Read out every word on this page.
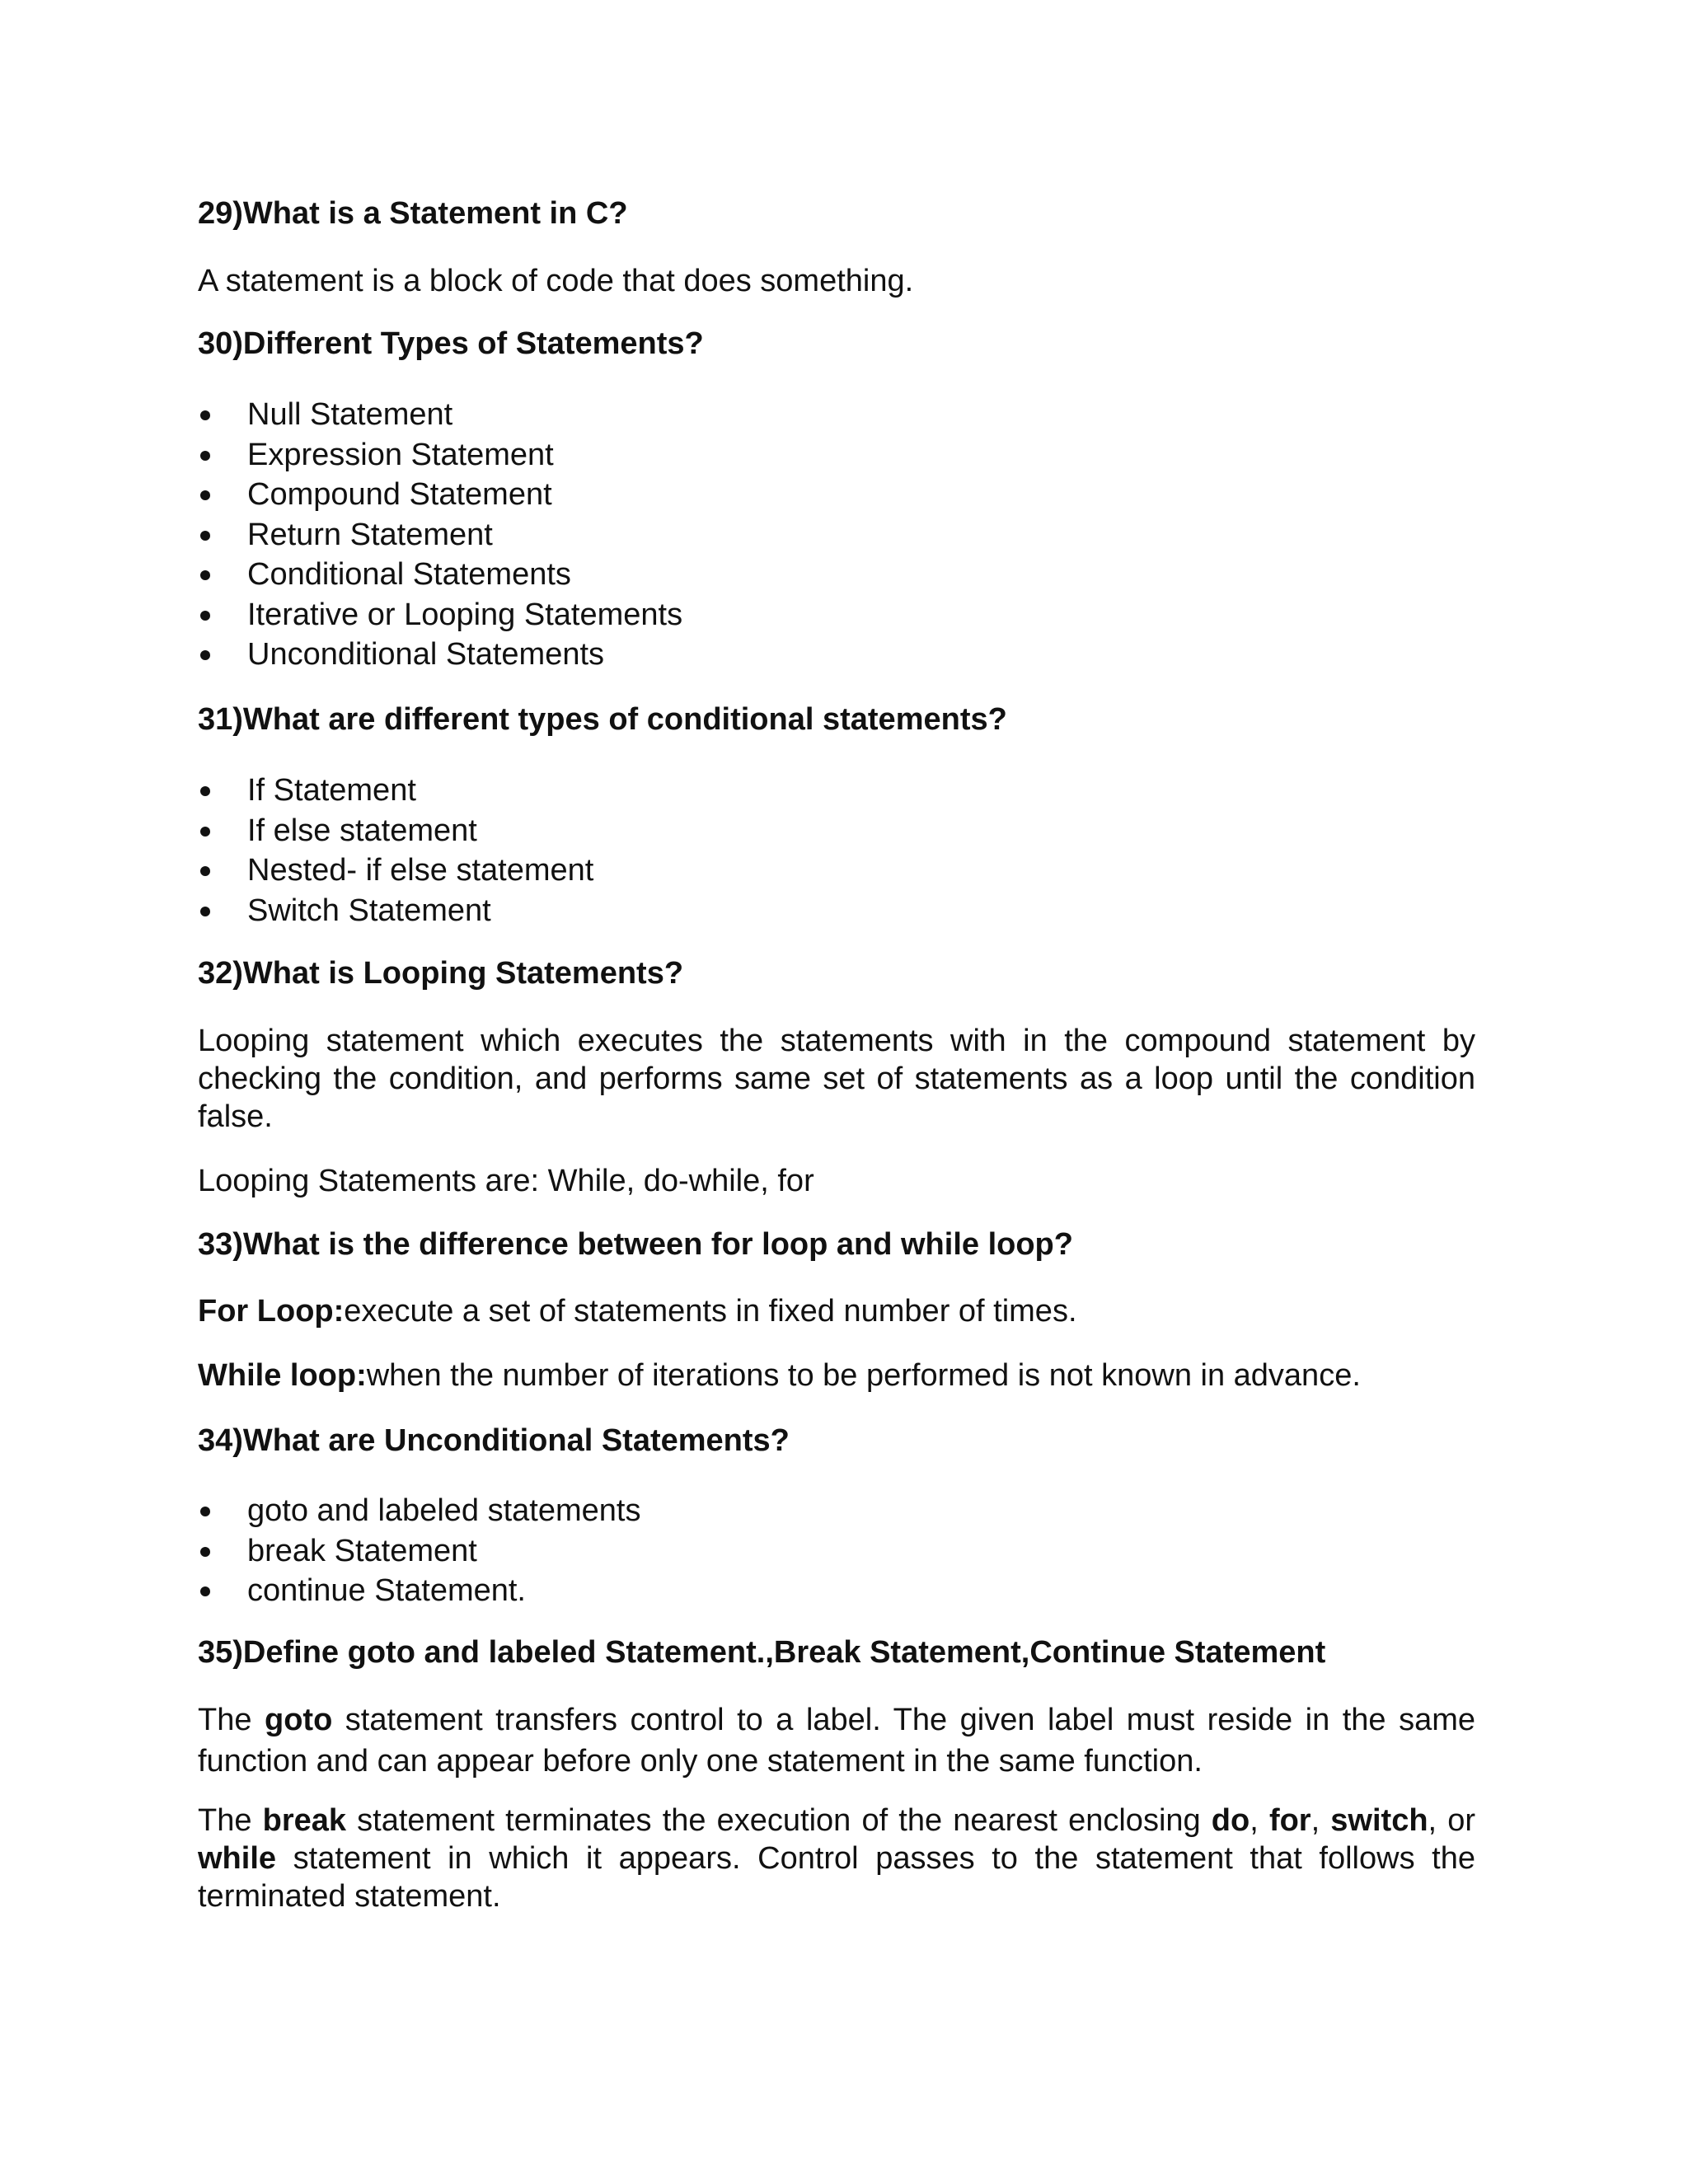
29)What is a Statement in C?

A statement is a block of code that does something.

30)Different Types of Statements?
Null Statement
Expression Statement
Compound Statement
Return Statement
Conditional Statements
Iterative or Looping Statements
Unconditional Statements
31)What are different types of conditional statements?
If Statement
If else statement
Nested- if else statement
Switch Statement
32)What is Looping Statements?

Looping statement which executes the statements with in the compound statement by checking the condition, and performs same set of statements as a loop until the condition false.

Looping Statements are: While, do-while, for

33)What is the difference between for loop and while loop?

For Loop:execute a set of statements in fixed number of times.

While loop:when the number of iterations to be performed is not known in advance.

34)What are Unconditional Statements?
goto and labeled statements
break Statement
continue Statement.
35)Define goto and labeled Statement.,Break Statement,Continue Statement

The goto statement transfers control to a label. The given label must reside in the same function and can appear before only one statement in the same function.

The break statement terminates the execution of the nearest enclosing do, for, switch, or while statement in which it appears. Control passes to the statement that follows the terminated statement.
